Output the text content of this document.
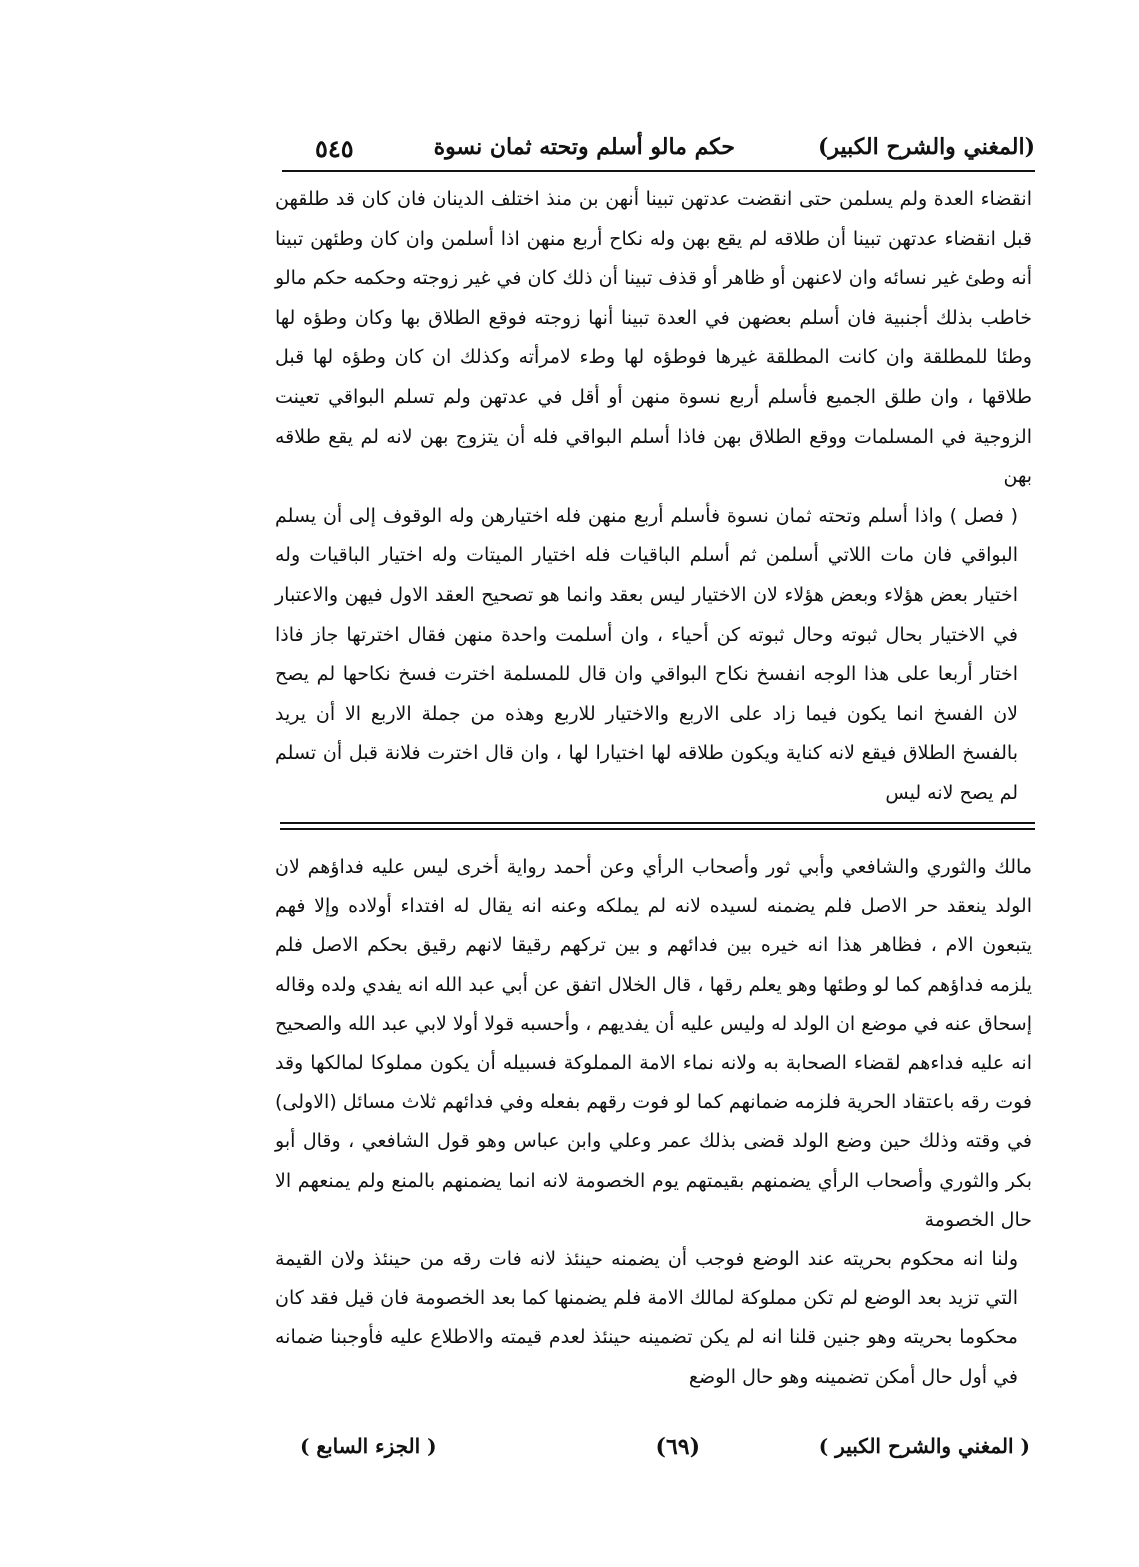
(المغني والشرح الكبير)
حكم مالو أسلم وتحته ثمان نسوة
٥٤٥

انقضاء العدة ولم يسلمن حتى انقضت عدتهن تبينا أنهن بن منذ اختلف الدينان فان كان قد طلقهن قبل انقضاء عدتهن تبينا أن طلاقه لم يقع بهن وله نكاح أربع منهن اذا أسلمن وان كان وطئهن تبينا أنه وطئ غير نسائه وان لاعنهن أو ظاهر أو قذف تبينا أن ذلك كان في غير زوجته وحكمه حكم مالو خاطب بذلك أجنبية فان أسلم بعضهن في العدة تبينا أنها زوجته فوقع الطلاق بها وكان وطؤه لها وطئا للمطلقة وان كانت المطلقة غيرها فوطؤه لها وطء لامرأته وكذلك ان كان وطؤه لها قبل طلاقها ، وان طلق الجميع فأسلم أربع نسوة منهن أو أقل في عدتهن ولم تسلم البواقي تعينت الزوجية في المسلمات ووقع الطلاق بهن فاذا أسلم البواقي فله أن يتزوج بهن لانه لم يقع طلاقه بهن

( فصل ) واذا أسلم وتحته ثمان نسوة فأسلم أربع منهن فله اختيارهن وله الوقوف إلى أن يسلم البواقي فان مات اللاتي أسلمن ثم أسلم الباقيات فله اختيار الميتات وله اختيار الباقيات وله اختيار بعض هؤلاء وبعض هؤلاء لان الاختيار ليس بعقد وانما هو تصحيح العقد الاول فيهن والاعتبار في الاختيار بحال ثبوته وحال ثبوته كن أحياء ، وان أسلمت واحدة منهن فقال اخترتها جاز فاذا اختار أربعا على هذا الوجه انفسخ نكاح البواقي وان قال للمسلمة اخترت فسخ نكاحها لم يصح لان الفسخ انما يكون فيما زاد على الاربع والاختيار للاربع وهذه من جملة الاربع الا أن يريد بالفسخ الطلاق فيقع لانه كناية ويكون طلاقه لها اختيارا لها ، وان قال اخترت فلانة قبل أن تسلم لم يصح لانه ليس

مالك والثوري والشافعي وأبي ثور وأصحاب الرأي وعن أحمد رواية أخرى ليس عليه فداؤهم لان الولد ينعقد حر الاصل فلم يضمنه لسيده لانه لم يملكه وعنه انه يقال له افتداء أولاده وإلا فهم يتبعون الام ، فظاهر هذا انه خيره بين فدائهم و بين تركهم رقيقا لانهم رقيق بحكم الاصل فلم يلزمه فداؤهم كما لو وطئها وهو يعلم رقها ، قال الخلال اتفق عن أبي عبد الله انه يفدي ولده وقاله إسحاق عنه في موضع ان الولد له وليس عليه أن يفديهم ، وأحسبه قولا أولا لابي عبد الله والصحيح انه عليه فداءهم لقضاء الصحابة به ولانه نماء الامة المملوكة فسبيله أن يكون مملوكا لمالكها وقد فوت رقه باعتقاد الحرية فلزمه ضمانهم كما لو فوت رقهم بفعله وفي فدائهم ثلاث مسائل (الاولى) في وقته وذلك حين وضع الولد قضى بذلك عمر وعلي وابن عباس وهو قول الشافعي ، وقال أبو بكر والثوري وأصحاب الرأي يضمنهم بقيمتهم يوم الخصومة لانه انما يضمنهم بالمنع ولم يمنعهم الا حال الخصومة

ولنا انه محكوم بحريته عند الوضع فوجب أن يضمنه حينئذ لانه فات رقه من حينئذ ولان القيمة التي تزيد بعد الوضع لم تكن مملوكة لمالك الامة فلم يضمنها كما بعد الخصومة فان قيل فقد كان محكوما بحريته وهو جنين قلنا انه لم يكن تضمينه حينئذ لعدم قيمته والاطلاع عليه فأوجبنا ضمانه في أول حال أمكن تضمينه وهو حال الوضع

( المغني والشرح الكبير )
(٦٩)
( الجزء السابع )
